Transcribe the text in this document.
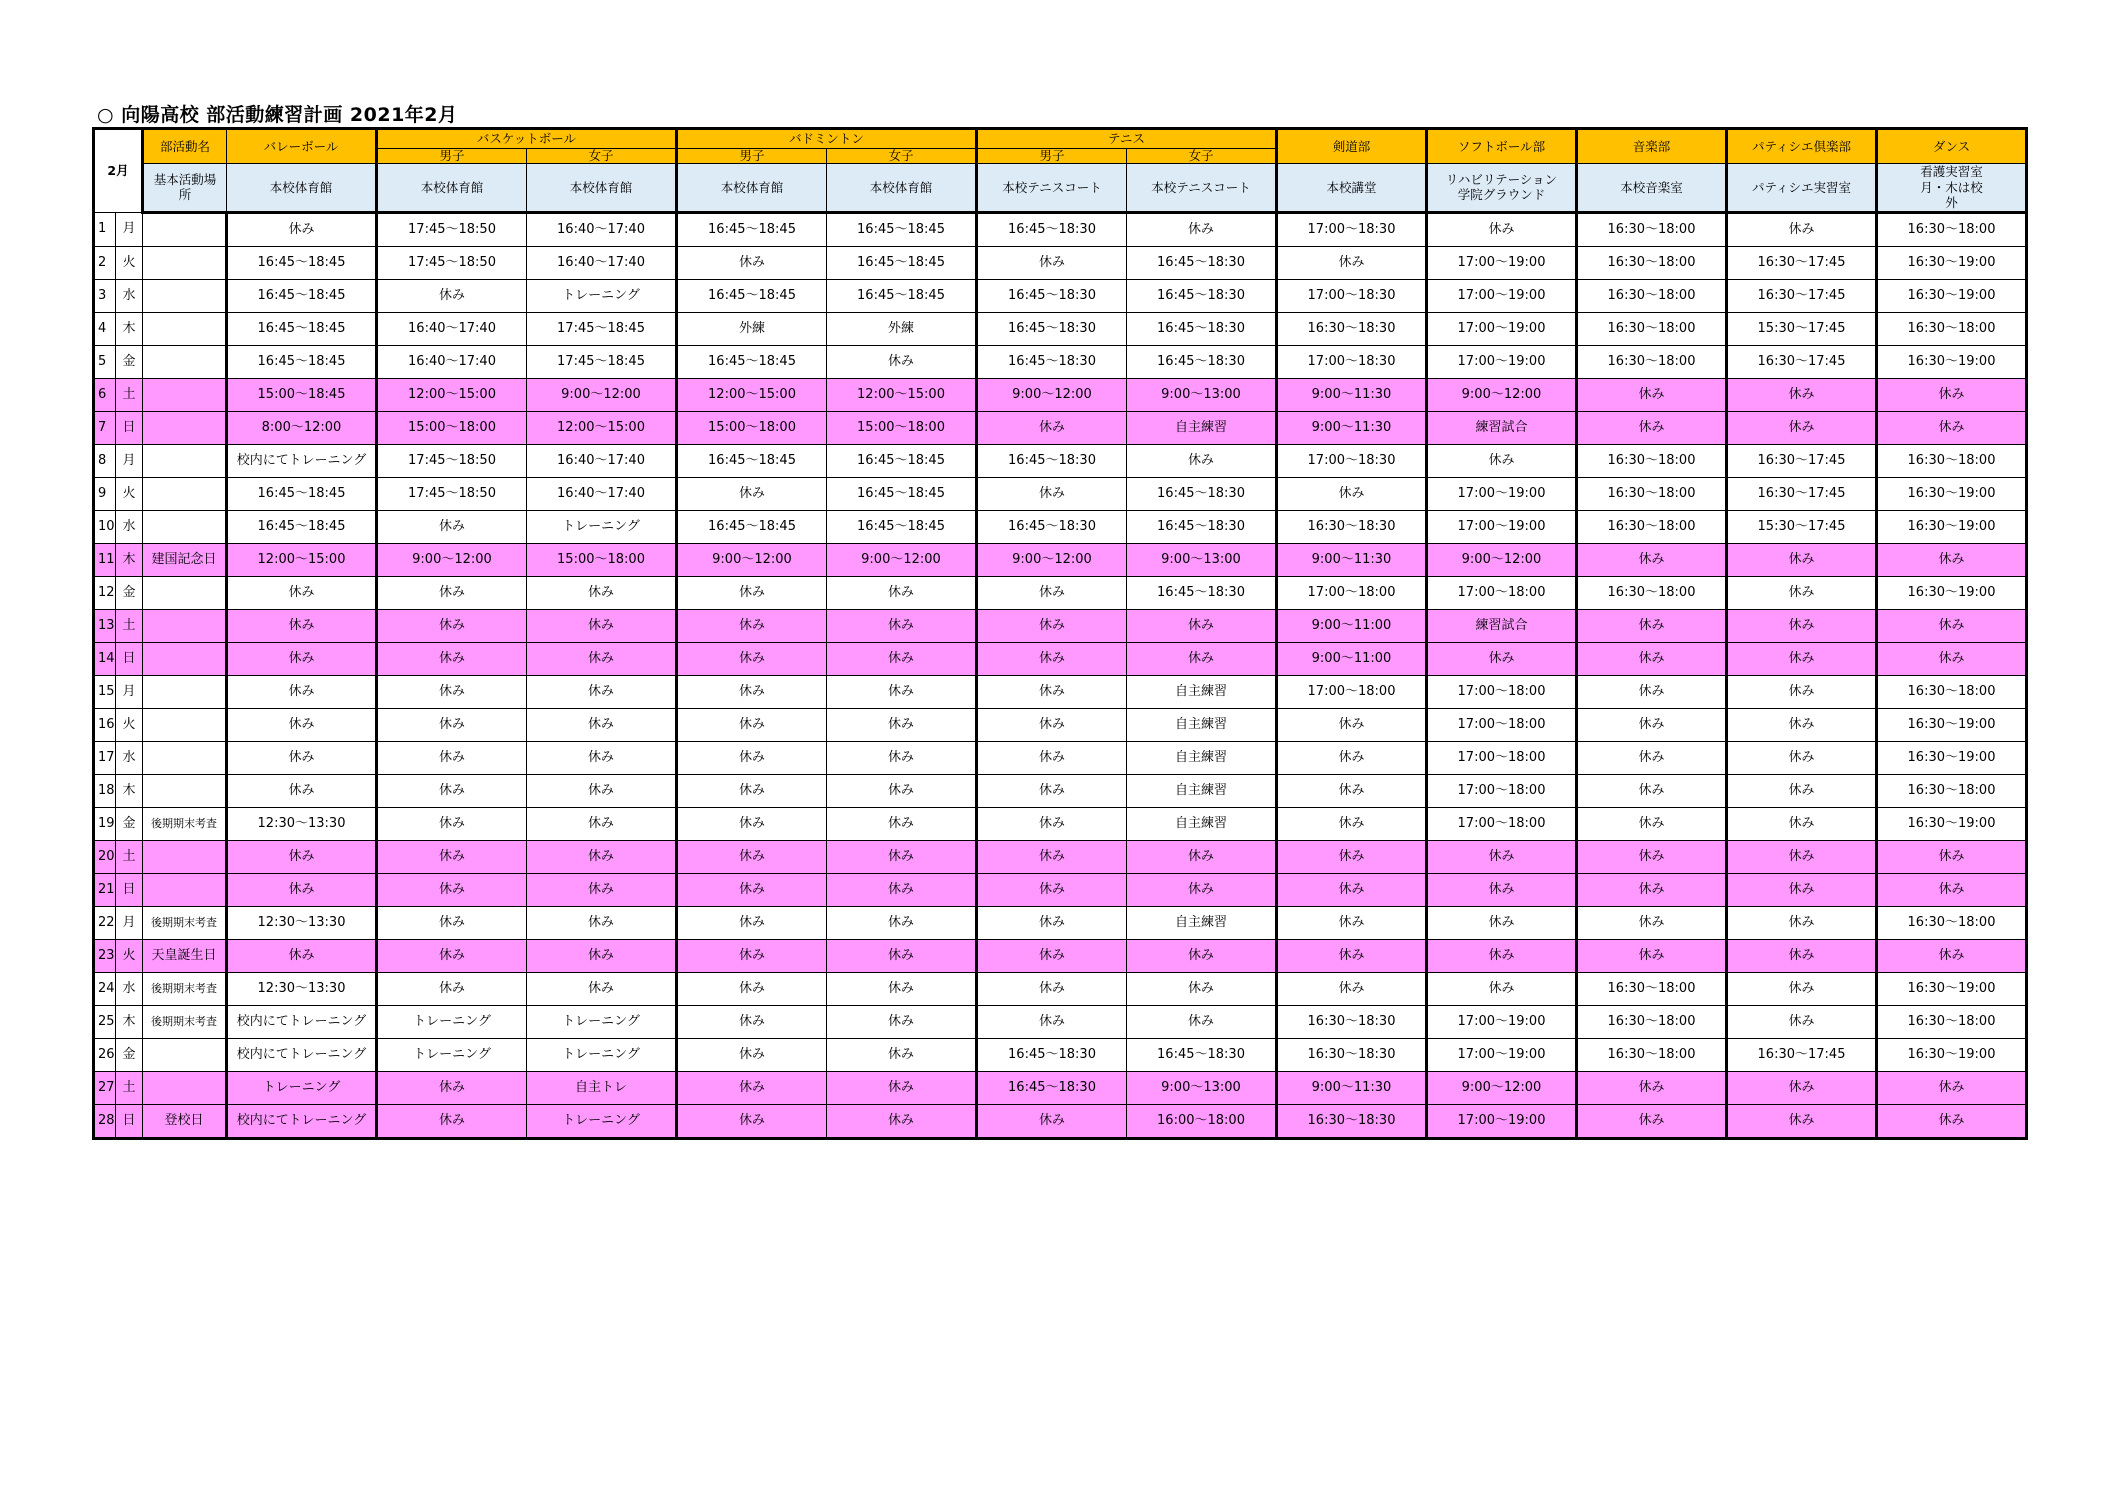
○ 向陽高校 部活動練習計画 2021年2月
2月		部活動名	バレーボール	バスケットボール		バドミントン		テニス		剣道部	ソフトボール部	音楽部	パティシエ倶楽部	ダンス
				男子	女子	男子	女子	男子	女子					
		基本活動場所	本校体育館	本校体育館	本校体育館	本校体育館	本校体育館	本校テニスコート	本校テニスコート	本校講堂	リハビリテーション学院グラウンド	本校音楽室	パティシエ実習室	看護実習室 月・木は校外
1	月		休み	17:45～18:50	16:40～17:40	16:45～18:45	16:45～18:45	16:45～18:30	休み	17:00～18:30	休み	16:30～18:00	休み	16:30～18:00
2	火		16:45～18:45	17:45～18:50	16:40～17:40	休み	16:45～18:45	休み	16:45～18:30	休み	17:00～19:00	16:30～18:00	16:30～17:45	16:30～19:00
3	水		16:45～18:45	休み	トレーニング	16:45～18:45	16:45～18:45	16:45～18:30	16:45～18:30	17:00～18:30	17:00～19:00	16:30～18:00	16:30～17:45	16:30～19:00
4	木		16:45～18:45	16:40～17:40	17:45～18:45	外練	外練	16:45～18:30	16:45～18:30	16:30～18:30	17:00～19:00	16:30～18:00	15:30～17:45	16:30～18:00
5	金		16:45～18:45	16:40～17:40	17:45～18:45	16:45～18:45	休み	16:45～18:30	16:45～18:30	17:00～18:30	17:00～19:00	16:30～18:00	16:30～17:45	16:30～19:00
6	土		15:00～18:45	12:00～15:00	9:00～12:00	12:00～15:00	12:00～15:00	9:00～12:00	9:00～13:00	9:00～11:30	9:00～12:00	休み	休み	休み
7	日		8:00～12:00	15:00～18:00	12:00～15:00	15:00～18:00	15:00～18:00	休み	自主練習	9:00～11:30	練習試合	休み	休み	休み
8	月		校内にてトレーニング	17:45～18:50	16:40～17:40	16:45～18:45	16:45～18:45	16:45～18:30	休み	17:00～18:30	休み	16:30～18:00	16:30～17:45	16:30～18:00
9	火		16:45～18:45	17:45～18:50	16:40～17:40	休み	16:45～18:45	休み	16:45～18:30	休み	17:00～19:00	16:30～18:00	16:30～17:45	16:30～19:00
10	水		16:45～18:45	休み	トレーニング	16:45～18:45	16:45～18:45	16:45～18:30	16:45～18:30	16:30～18:30	17:00～19:00	16:30～18:00	15:30～17:45	16:30～19:00
11	木	建国記念日	12:00～15:00	9:00～12:00	15:00～18:00	9:00～12:00	9:00～12:00	9:00～12:00	9:00～13:00	9:00～11:30	9:00～12:00	休み	休み	休み
12	金		休み	休み	休み	休み	休み	休み	16:45～18:30	17:00～18:00	17:00～18:00	16:30～18:00	休み	16:30～19:00
13	土		休み	休み	休み	休み	休み	休み	休み	9:00～11:00	練習試合	休み	休み	休み
14	日		休み	休み	休み	休み	休み	休み	休み	9:00～11:00	休み	休み	休み	休み
15	月		休み	休み	休み	休み	休み	休み	自主練習	17:00～18:00	17:00～18:00	休み	休み	16:30～18:00
16	火		休み	休み	休み	休み	休み	休み	自主練習	休み	17:00～18:00	休み	休み	16:30～19:00
17	水		休み	休み	休み	休み	休み	休み	自主練習	休み	17:00～18:00	休み	休み	16:30～19:00
18	木		休み	休み	休み	休み	休み	休み	自主練習	休み	17:00～18:00	休み	休み	16:30～18:00
19	金	後期期末考査	12:30～13:30	休み	休み	休み	休み	休み	自主練習	休み	17:00～18:00	休み	休み	16:30～19:00
20	土		休み	休み	休み	休み	休み	休み	休み	休み	休み	休み	休み	休み
21	日		休み	休み	休み	休み	休み	休み	休み	休み	休み	休み	休み	休み
22	月	後期期末考査	12:30～13:30	休み	休み	休み	休み	休み	自主練習	休み	休み	休み	休み	16:30～18:00
23	火	天皇誕生日	休み	休み	休み	休み	休み	休み	休み	休み	休み	休み	休み	休み
24	水	後期期末考査	12:30～13:30	休み	休み	休み	休み	休み	休み	休み	休み	16:30～18:00	休み	16:30～19:00
25	木	後期期末考査	校内にてトレーニング	トレーニング	トレーニング	休み	休み	休み	休み	16:30～18:30	17:00～19:00	16:30～18:00	休み	16:30～18:00
26	金		校内にてトレーニング	トレーニング	トレーニング	休み	休み	16:45～18:30	16:45～18:30	16:30～18:30	17:00～19:00	16:30～18:00	16:30～17:45	16:30～19:00
27	土		トレーニング	休み	自主トレ	休み	休み	16:45～18:30	9:00～13:00	9:00～11:30	9:00～12:00	休み	休み	休み
28	日	登校日	校内にてトレーニング	休み	トレーニング	休み	休み	休み	16:00～18:00	16:30～18:30	17:00～19:00	休み	休み	休み
